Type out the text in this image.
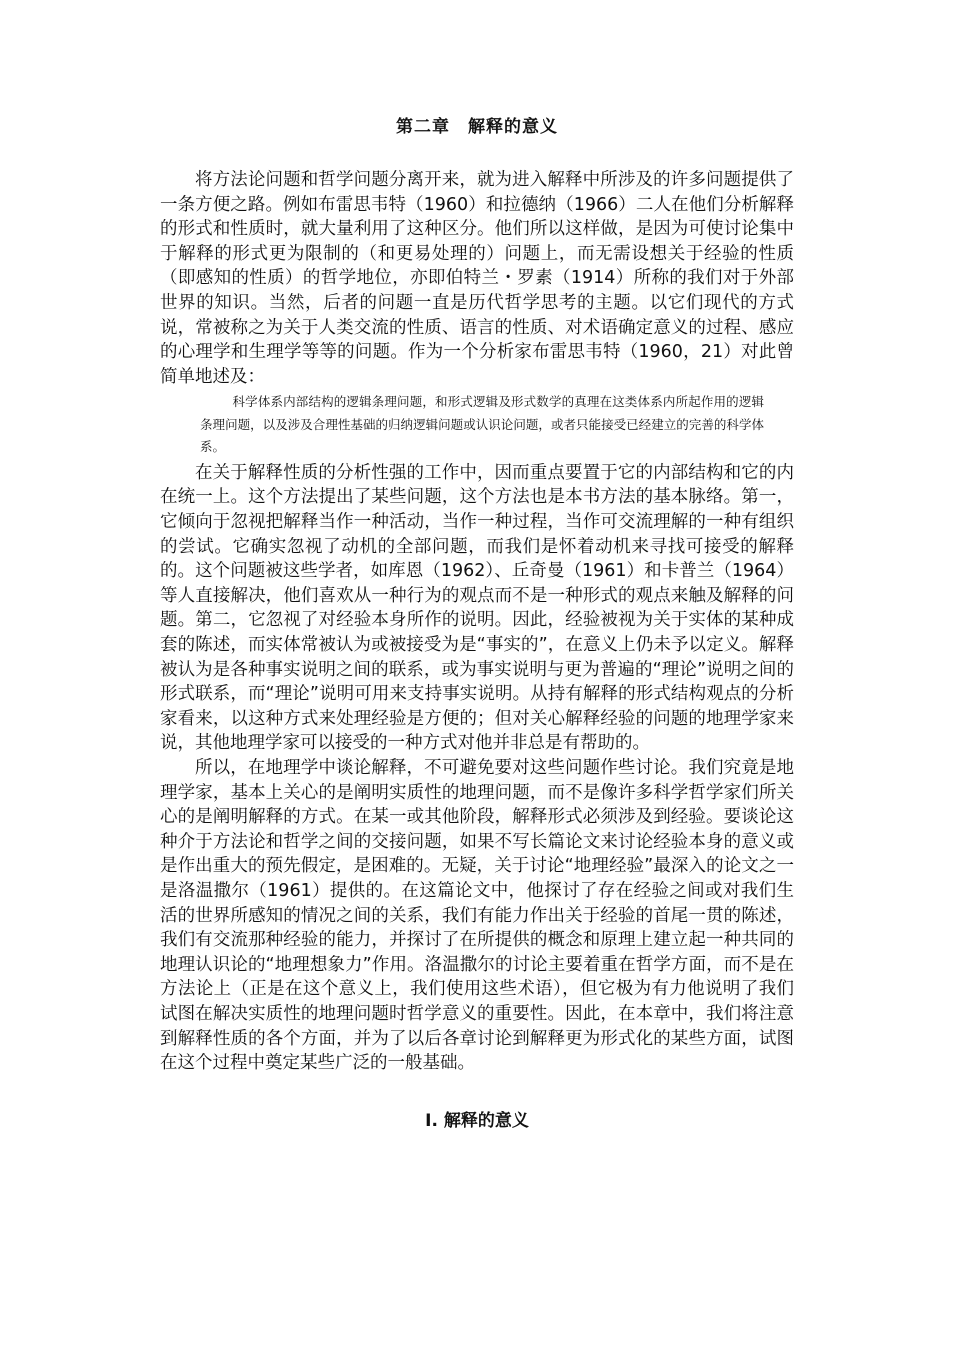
第二章　解释的意义

将方法论问题和哲学问题分离开来，就为进入解释中所涉及的许多问题提供了一条方便之路。例如布雷思韦特（1960）和拉德纳（1966）二人在他们分析解释的形式和性质时，就大量利用了这种区分。他们所以这样做，是因为可使讨论集中于解释的形式更为限制的（和更易处理的）问题上，而无需设想关于经验的性质（即感知的性质）的哲学地位，亦即伯特兰・罗素（1914）所称的我们对于外部世界的知识。当然，后者的问题一直是历代哲学思考的主题。以它们现代的方式说，常被称之为关于人类交流的性质、语言的性质、对术语确定意义的过程、感应的心理学和生理学等等的问题。作为一个分析家布雷思韦特（1960，21）对此曾简单地述及：

科学体系内部结构的逻辑条理问题，和形式逻辑及形式数学的真理在这类体系内所起作用的逻辑条理问题，以及涉及合理性基础的归纳逻辑问题或认识论问题，或者只能接受已经建立的完善的科学体系。

在关于解释性质的分析性强的工作中，因而重点要置于它的内部结构和它的内在统一上。这个方法提出了某些问题，这个方法也是本书方法的基本脉络。第一，它倾向于忽视把解释当作一种活动，当作一种过程，当作可交流理解的一种有组织的尝试。它确实忽视了动机的全部问题，而我们是怀着动机来寻找可接受的解释的。这个问题被这些学者，如库恩（1962）、丘奇曼（1961）和卡普兰（1964）等人直接解决，他们喜欢从一种行为的观点而不是一种形式的观点来触及解释的问题。第二，它忽视了对经验本身所作的说明。因此，经验被视为关于实体的某种成套的陈述，而实体常被认为或被接受为是“事实的”，在意义上仍未予以定义。解释被认为是各种事实说明之间的联系，或为事实说明与更为普遍的“理论”说明之间的形式联系，而“理论”说明可用来支持事实说明。从持有解释的形式结构观点的分析家看来，以这种方式来处理经验是方便的；但对关心解释经验的问题的地理学家来说，其他地理学家可以接受的一种方式对他并非总是有帮助的。

所以，在地理学中谈论解释，不可避免要对这些问题作些讨论。我们究竟是地理学家，基本上关心的是阐明实质性的地理问题，而不是像许多科学哲学家们所关心的是阐明解释的方式。在某一或其他阶段，解释形式必须涉及到经验。要谈论这种介于方法论和哲学之间的交接问题，如果不写长篇论文来讨论经验本身的意义或是作出重大的预先假定，是困难的。无疑，关于讨论“地理经验”最深入的论文之一是洛温撒尔（1961）提供的。在这篇论文中，他探讨了存在经验之间或对我们生活的世界所感知的情况之间的关系，我们有能力作出关于经验的首尾一贯的陈述，我们有交流那种经验的能力，并探讨了在所提供的概念和原理上建立起一种共同的地理认识论的“地理想象力”作用。洛温撒尔的讨论主要着重在哲学方面，而不是在方法论上（正是在这个意义上，我们使用这些术语），但它极为有力他说明了我们试图在解决实质性的地理问题时哲学意义的重要性。因此，在本章中，我们将注意到解释性质的各个方面，并为了以后各章讨论到解释更为形式化的某些方面，试图在这个过程中奠定某些广泛的一般基础。

I. 解释的意义
